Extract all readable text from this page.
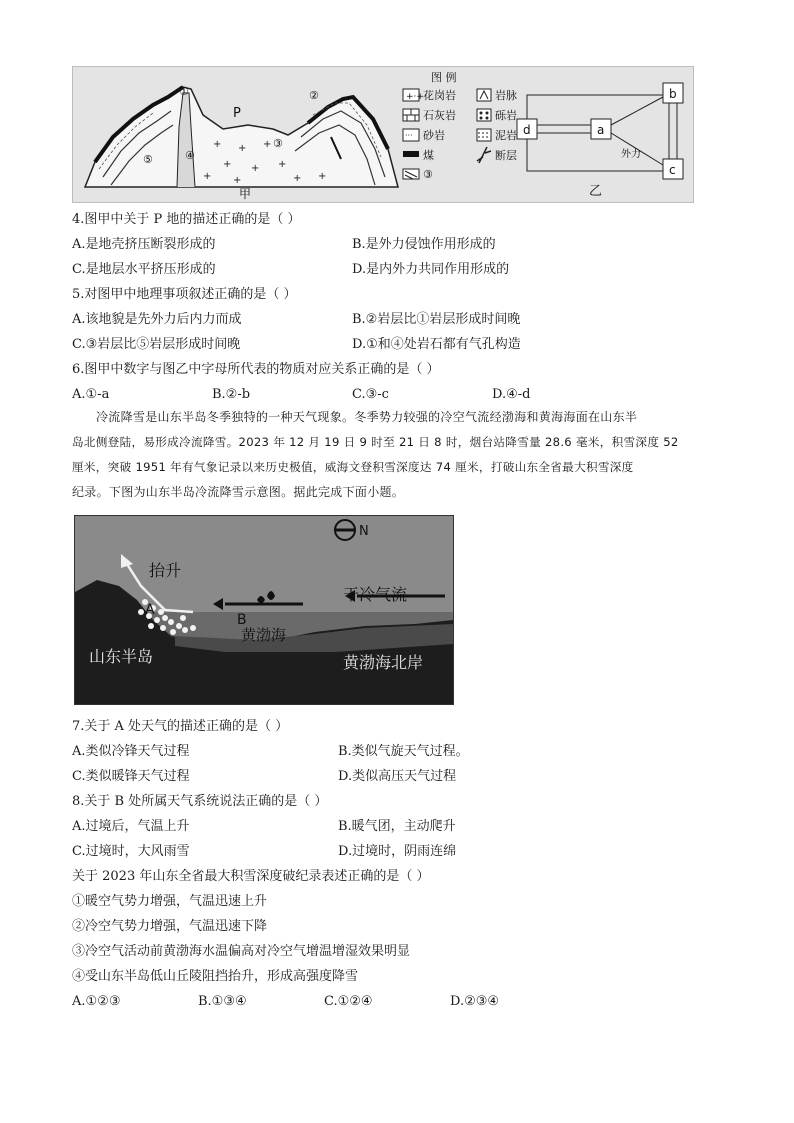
+ + +
+ + +
+ +	+ +
①	②
③
④
⑤
P
甲
图 例
+·+ 花岗岩	岩脉
石灰岩	砾岩
··· 砂岩	泥岩
煤	断层
③
d	a
b
c
外力
乙
4.图甲中关于 P 地的描述正确的是（ ）
A.是地壳挤压断裂形成的	B.是外力侵蚀作用形成的
C.是地层水平挤压形成的	D.是内外力共同作用形成的
5.对图甲中地理事项叙述正确的是（ ）
A.该地貌是先外力后内力而成	B.②岩层比①岩层形成时间晚
C.③岩层比⑤岩层形成时间晚	D.①和④处岩石都有气孔构造
6.图甲中数字与图乙中字母所代表的物质对应关系正确的是（ ）
A.①-a	B.②-b	C.③-c	D.④-d
冷流降雪是山东半岛冬季独特的一种天气现象。冬季势力较强的冷空气流经渤海和黄海海面在山东半
岛北侧登陆，易形成冷流降雪。2023 年 12 月 19 日 9 时至 21 日 8 时，烟台站降雪量 28.6 毫米，积雪深度 52
厘米，突破 1951 年有气象记录以来历史极值，威海文登积雪深度达 74 厘米，打破山东全省最大积雪深度
纪录。下图为山东半岛冷流降雪示意图。据此完成下面小题。
N
抬升
干冷气流
A
B
黄渤海
山东半岛	黄渤海北岸
7.关于 A 处天气的描述正确的是（ ）
A.类似冷锋天气过程	B.类似气旋天气过程。
C.类似暖锋天气过程	D.类似高压天气过程
8.关于 B 处所属天气系统说法正确的是（ ）
A.过境后，气温上升	B.暖气团，主动爬升
C.过境时，大风雨雪	D.过境时，阴雨连绵
关于 2023 年山东全省最大积雪深度破纪录表述正确的是（ ）
①暖空气势力增强，气温迅速上升
②冷空气势力增强，气温迅速下降
③冷空气活动前黄渤海水温偏高对冷空气增温增湿效果明显
④受山东半岛低山丘陵阻挡抬升，形成高强度降雪
A.①②③	B.①③④	C.①②④	D.②③④
